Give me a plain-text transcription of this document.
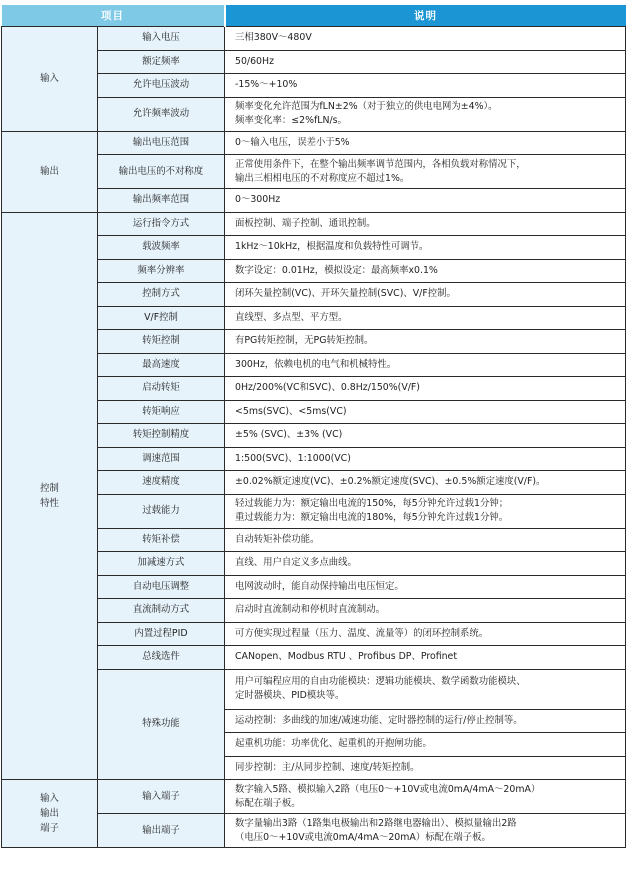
项目		说明

输入	输入电压	三相380V～480V

	额定频率	50/60Hz

	允许电压波动	-15%～+10%

	允许频率波动	频率变化允许范围为fLN±2%（对于独立的供电电网为±4%）。
频率变化率：≤2%fLN/s。

输出	输出电压范围	0～输入电压，误差小于5%

	输出电压的不对称度	正常使用条件下，在整个输出频率调节范围内，各相负载对称情况下，
输出三相相电压的不对称度应不超过1%。

	输出频率范围	0～300Hz

控制
特性	运行指令方式	面板控制、端子控制、通讯控制。

	载波频率	1kHz～10kHz，根据温度和负载特性可调节。

	频率分辨率	数字设定：0.01Hz，模拟设定：最高频率x0.1%

	控制方式	闭环矢量控制(VC)、开环矢量控制(SVC)、V/F控制。

	V/F控制	直线型、多点型、平方型。

	转矩控制	有PG转矩控制，无PG转矩控制。

	最高速度	300Hz，依赖电机的电气和机械特性。

	启动转矩	0Hz/200%(VC和SVC)、0.8Hz/150%(V/F)

	转矩响应	<5ms(SVC)、<5ms(VC)

	转矩控制精度	±5% (SVC)、±3% (VC)

	调速范围	1:500(SVC)、1:1000(VC)

	速度精度	±0.02%额定速度(VC)、±0.2%额定速度(SVC)、±0.5%额定速度(V/F)。

	过载能力	轻过载能力为：额定输出电流的150%，每5分钟允许过载1分钟；
重过载能力为：额定输出电流的180%，每5分钟允许过载1分钟。

	转矩补偿	自动转矩补偿功能。

	加减速方式	直线、用户自定义多点曲线。

	自动电压调整	电网波动时，能自动保持输出电压恒定。

	直流制动方式	启动时直流制动和停机时直流制动。

	内置过程PID	可方便实现过程量（压力、温度、流量等）的闭环控制系统。

	总线选件	CANopen、Modbus RTU 、Profibus DP、Profinet

	特殊功能	用户可编程应用的自由功能模块：逻辑功能模块、数学函数功能模块、
定时器模块、PID模块等。

		运动控制：多曲线的加速/减速功能、定时器控制的运行/停止控制等。

		起重机功能：功率优化、起重机的开抱闸功能。

		同步控制：主/从同步控制、速度/转矩控制。

输入
输出
端子	输入端子	数字输入5路、模拟输入2路（电压0～+10V或电流0mA/4mA～20mA）
标配在端子板。

	输出端子	数字量输出3路（1路集电极输出和2路继电器输出）、模拟量输出2路
（电压0～+10V或电流0mA/4mA～20mA）标配在端子板。
